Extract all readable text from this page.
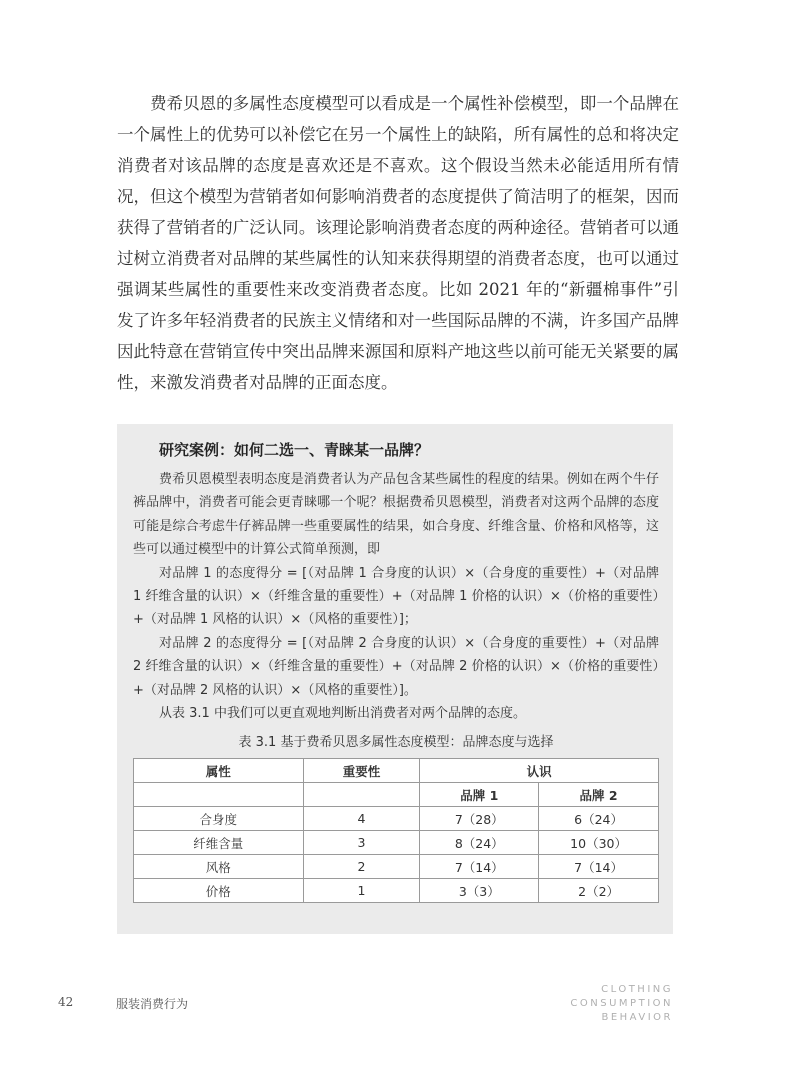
费希贝恩的多属性态度模型可以看成是一个属性补偿模型，即一个品牌在一个属性上的优势可以补偿它在另一个属性上的缺陷，所有属性的总和将决定消费者对该品牌的态度是喜欢还是不喜欢。这个假设当然未必能适用所有情况，但这个模型为营销者如何影响消费者的态度提供了简洁明了的框架，因而获得了营销者的广泛认同。该理论影响消费者态度的两种途径。营销者可以通过树立消费者对品牌的某些属性的认知来获得期望的消费者态度，也可以通过强调某些属性的重要性来改变消费者态度。比如 2021 年的“新疆棉事件”引发了许多年轻消费者的民族主义情绪和对一些国际品牌的不满，许多国产品牌因此特意在营销宣传中突出品牌来源国和原料产地这些以前可能无关紧要的属性，来激发消费者对品牌的正面态度。

研究案例：如何二选一、青睐某一品牌？

费希贝恩模型表明态度是消费者认为产品包含某些属性的程度的结果。例如在两个牛仔裤品牌中，消费者可能会更青睐哪一个呢？根据费希贝恩模型，消费者对这两个品牌的态度可能是综合考虑牛仔裤品牌一些重要属性的结果，如合身度、纤维含量、价格和风格等，这些可以通过模型中的计算公式简单预测，即

对品牌 1 的态度得分 = [（对品牌 1 合身度的认识）×（合身度的重要性）+（对品牌 1 纤维含量的认识）×（纤维含量的重要性）+（对品牌 1 价格的认识）×（价格的重要性）+（对品牌 1 风格的认识）×（风格的重要性）]；

对品牌 2 的态度得分 = [（对品牌 2 合身度的认识）×（合身度的重要性）+（对品牌 2 纤维含量的认识）×（纤维含量的重要性）+（对品牌 2 价格的认识）×（价格的重要性）+（对品牌 2 风格的认识）×（风格的重要性）]。

从表 3.1 中我们可以更直观地判断出消费者对两个品牌的态度。

表 3.1 基于费希贝恩多属性态度模型：品牌态度与选择
属性	重要性	认识	
		品牌 1	品牌 2
合身度	4	7（28）	6（24）
纤维含量	3	8（24）	10（30）
风格	2	7（14）	7（14）
价格	1	3（3）	2（2）
42	服装消费行为
CLOTHING
CONSUMPTION
BEHAVIOR
